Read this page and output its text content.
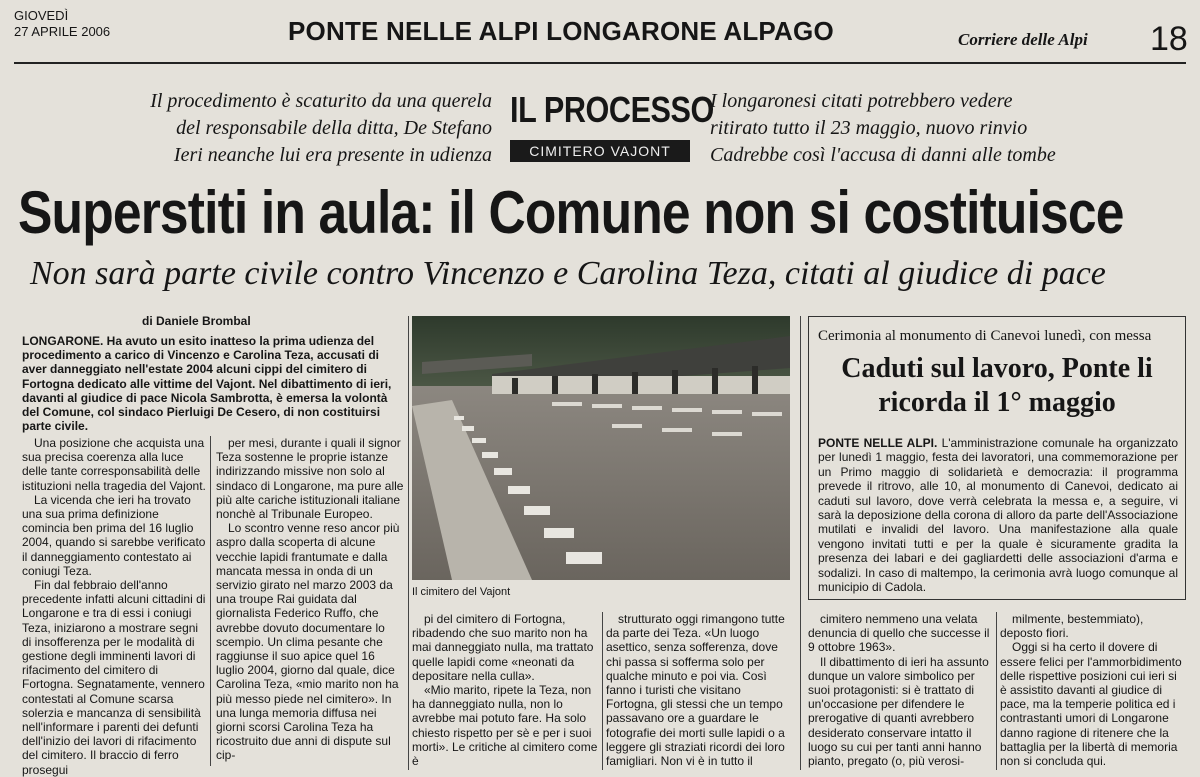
GIOVEDÌ
27 APRILE 2006	PONTE NELLE ALPI LONGARONE ALPAGO	Corriere delle Alpi 18
Il procedimento è scaturito da una querela
del responsabile della ditta, De Stefano
Ieri neanche lui era presente in udienza
IL PROCESSO
CIMITERO VAJONT
I longaronesi citati potrebbero vedere
ritirato tutto il 23 maggio, nuovo rinvio
Cadrebbe così l'accusa di danni alle tombe
Superstiti in aula: il Comune non si costituisce
Non sarà parte civile contro Vincenzo e Carolina Teza, citati al giudice di pace
di Daniele Brombal
LONGARONE. Ha avuto un esito inatteso la prima udienza del procedimento a carico di Vincenzo e Carolina Teza, accusati di aver danneggiato nell'estate 2004 alcuni cippi del cimitero di Fortogna dedicato alle vittime del Vajont. Nel dibattimento di ieri, davanti al giudice di pace Nicola Sambrotta, è emersa la volontà del Comune, col sindaco Pierluigi De Cesero, di non costituirsi parte civile.

Una posizione che acquista una sua precisa coerenza alla luce delle tante corresponsabilità delle istituzioni nella tragedia del Vajont.

La vicenda che ieri ha trovato una sua prima definizione comincia ben prima del 16 luglio 2004, quando si sarebbe verificato il danneggiamento contestato ai coniugi Teza.

Fin dal febbraio dell'anno precedente infatti alcuni cittadini di Longarone e tra di essi i coniugi Teza, iniziarono a mostrare segni di insofferenza per le modalità di gestione degli imminenti lavori di rifacimento del cimitero di Fortogna. Segnatamente, vennero contestati al Comune scarsa solerzia e mancanza di sensibilità nell'informare i parenti dei defunti dell'inizio dei lavori di rifacimento del cimitero. Il braccio di ferro prosegui

per mesi, durante i quali il signor Teza sostenne le proprie istanze indirizzando missive non solo al sindaco di Longarone, ma pure alle più alte cariche istituzionali italiane nonchè al Tribunale Europeo.

Lo scontro venne reso ancor più aspro dalla scoperta di alcune vecchie lapidi frantumate e dalla mancata messa in onda di un servizio girato nel marzo 2003 da una troupe Rai guidata dal giornalista Federico Ruffo, che avrebbe dovuto documentare lo scempio. Un clima pesante che raggiunse il suo apice quel 16 luglio 2004, giorno dal quale, dice Carolina Teza, «mio marito non ha più messo piede nel cimitero». In una lunga memoria diffusa nei giorni scorsi Carolina Teza ha ricostruito due anni di dispute sul cip-

pi del cimitero di Fortogna, ribadendo che suo marito non ha mai danneggiato nulla, ma trattato quelle lapidi come «neonati da depositare nella culla».

«Mio marito, ripete la Teza, non ha danneggiato nulla, non lo avrebbe mai potuto fare. Ha solo chiesto rispetto per sè e per i suoi morti». Le critiche al cimitero come è

strutturato oggi rimangono tutte da parte dei Teza. «Un luogo asettico, senza sofferenza, dove chi passa si sofferma solo per qualche minuto e poi via. Così fanno i turisti che visitano Fortogna, gli stessi che un tempo passavano ore a guardare le fotografie dei morti sulle lapidi o a leggere gli straziati ricordi dei loro famigliari. Non vi è in tutto il

cimitero nemmeno una velata denuncia di quello che successe il 9 ottobre 1963».

Il dibattimento di ieri ha assunto dunque un valore simbolico per suoi protagonisti: si è trattato di un'occasione per difendere le prerogative di quanti avrebbero desiderato conservare intatto il luogo su cui per tanti anni hanno pianto, pregato (o, più verosi-

milmente, bestemmiato), deposto fiori.

Oggi si ha certo il dovere di essere felici per l'ammorbidimento delle rispettive posizioni cui ieri si è assistito davanti al giudice di pace, ma la temperie politica ed i contrastanti umori di Longarone danno ragione di ritenere che la battaglia per la libertà di memoria non si concluda qui.

Il cimitero del Vajont
Cerimonia al monumento di Canevoi lunedì, con messa
Caduti sul lavoro, Ponte li ricorda il 1° maggio
PONTE NELLE ALPI. L'amministrazione comunale ha organizzato per lunedì 1 maggio, festa dei lavoratori, una commemorazione per un Primo maggio di solidarietà e democrazia: il programma prevede il ritrovo, alle 10, al monumento di Canevoi, dedicato ai caduti sul lavoro, dove verrà celebrata la messa e, a seguire, vi sarà la deposizione della corona di alloro da parte dell'Associazione mutilati e invalidi del lavoro. Una manifestazione alla quale vengono invitati tutti e per la quale è sicuramente gradita la presenza dei labari e dei gagliardetti delle associazioni d'arma e sodalizi. In caso di maltempo, la cerimonia avrà luogo comunque al municipio di Cadola.
